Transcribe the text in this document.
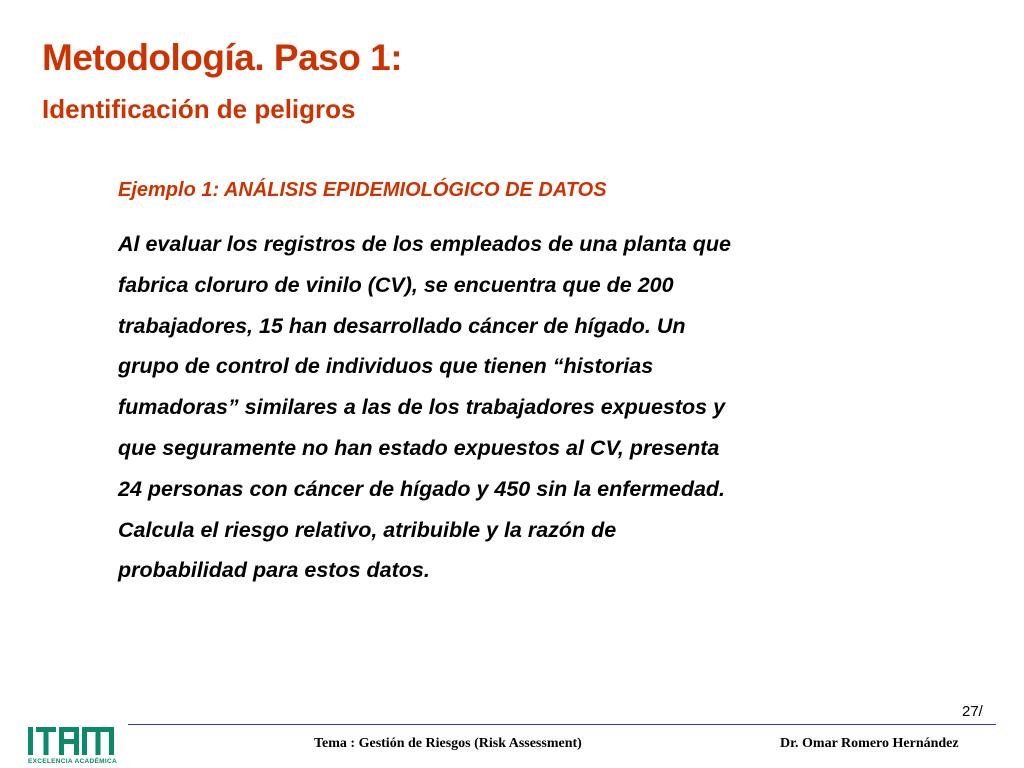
Metodología. Paso 1:
Identificación de peligros
Ejemplo 1: ANÁLISIS EPIDEMIOLÓGICO DE DATOS
Al evaluar los registros de los empleados de una planta que
fabrica cloruro de vinilo (CV), se encuentra que de 200
trabajadores, 15 han desarrollado cáncer de hígado. Un
grupo de control de individuos que tienen “historias
fumadoras” similares a las de los trabajadores expuestos y
que seguramente no han estado expuestos al CV, presenta
24 personas con cáncer de hígado y 450 sin la enfermedad.
Calcula el riesgo relativo, atribuible y la razón de
probabilidad para estos datos.
27/
EXCELENCIA ACADÉMICA
Tema : Gestión de Riesgos (Risk Assessment)	Dr. Omar Romero Hernández
